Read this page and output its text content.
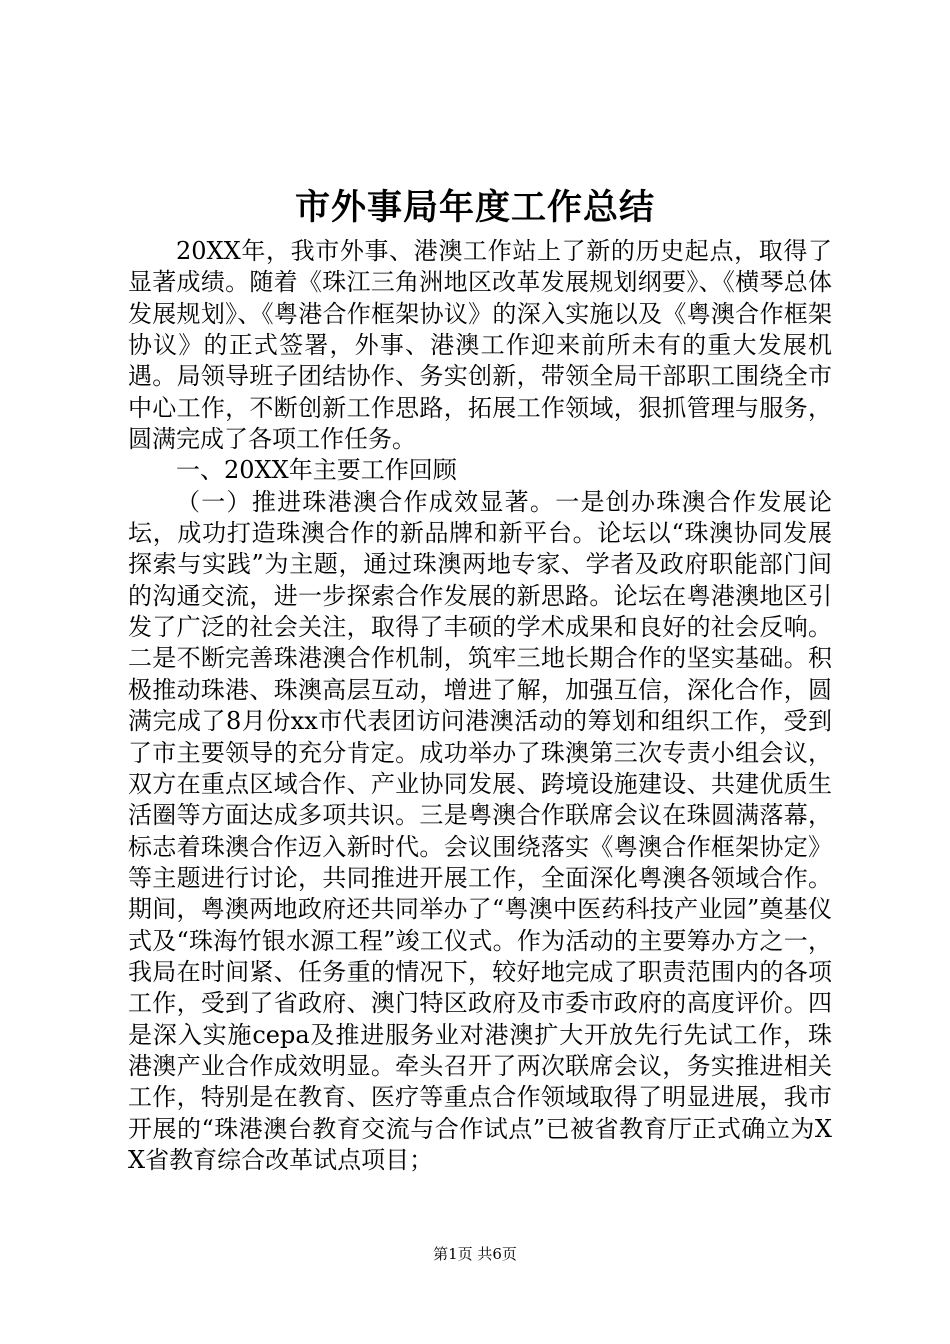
市外事局年度工作总结

20XX年，我市外事、港澳工作站上了新的历史起点，取得了显著成绩。随着《珠江三角洲地区改革发展规划纲要》、《横琴总体发展规划》、《粤港合作框架协议》的深入实施以及《粤澳合作框架协议》的正式签署，外事、港澳工作迎来前所未有的重大发展机遇。局领导班子团结协作、务实创新，带领全局干部职工围绕全市中心工作，不断创新工作思路，拓展工作领域，狠抓管理与服务，圆满完成了各项工作任务。

一、20XX年主要工作回顾

（一）推进珠港澳合作成效显著。一是创办珠澳合作发展论坛，成功打造珠澳合作的新品牌和新平台。论坛以“珠澳协同发展探索与实践”为主题，通过珠澳两地专家、学者及政府职能部门间的沟通交流，进一步探索合作发展的新思路。论坛在粤港澳地区引发了广泛的社会关注，取得了丰硕的学术成果和良好的社会反响。二是不断完善珠港澳合作机制，筑牢三地长期合作的坚实基础。积极推动珠港、珠澳高层互动，增进了解，加强互信，深化合作，圆满完成了8月份xx市代表团访问港澳活动的筹划和组织工作，受到了市主要领导的充分肯定。成功举办了珠澳第三次专责小组会议，双方在重点区域合作、产业协同发展、跨境设施建设、共建优质生活圈等方面达成多项共识。三是粤澳合作联席会议在珠圆满落幕，标志着珠澳合作迈入新时代。会议围绕落实《粤澳合作框架协定》等主题进行讨论，共同推进开展工作，全面深化粤澳各领域合作。期间，粤澳两地政府还共同举办了“粤澳中医药科技产业园”奠基仪式及“珠海竹银水源工程”竣工仪式。作为活动的主要筹办方之一，我局在时间紧、任务重的情况下，较好地完成了职责范围内的各项工作，受到了省政府、澳门特区政府及市委市政府的高度评价。四是深入实施cepa及推进服务业对港澳扩大开放先行先试工作，珠港澳产业合作成效明显。牵头召开了两次联席会议，务实推进相关工作，特别是在教育、医疗等重点合作领域取得了明显进展，我市开展的“珠港澳台教育交流与合作试点”已被省教育厅正式确立为XX省教育综合改革试点项目；

第1页 共6页
